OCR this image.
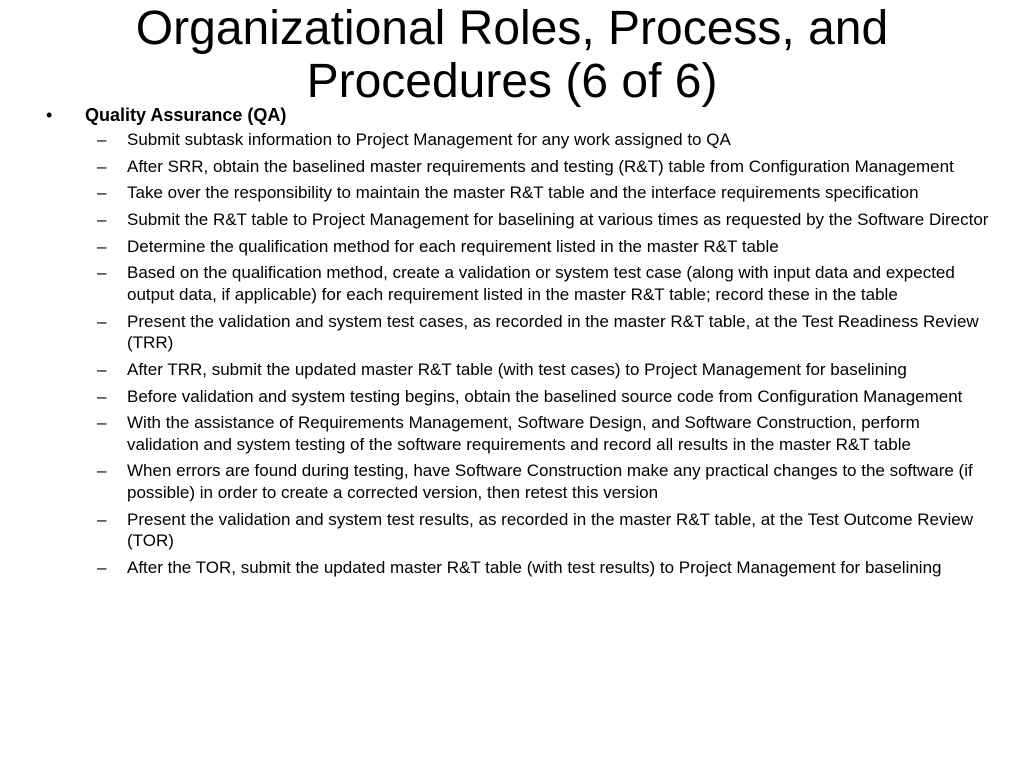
Organizational Roles, Process, and
Procedures (6 of 6)
•	Quality Assurance (QA)
–	Submit subtask information to Project Management for any work assigned to QA
–	After SRR, obtain the baselined master requirements and testing (R&T) table from Configuration Management
–	Take over the responsibility to maintain the master R&T table and the interface requirements specification
–	Submit the R&T table to Project Management for baselining at various times as requested by the Software Director
–	Determine the qualification method for each requirement listed in the master R&T table
–	Based on the qualification method, create a validation or system test case (along with input data and expected output data, if applicable) for each requirement listed in the master R&T table; record these in the table
–	Present the validation and system test cases, as recorded in the master R&T table, at the Test Readiness Review (TRR)
–	After TRR, submit the updated master R&T table (with test cases) to Project Management for baselining
–	Before validation and system testing begins, obtain the baselined source code from Configuration Management
–	With the assistance of Requirements Management, Software Design, and Software Construction, perform validation and system testing of the software requirements and record all results in the master R&T table
–	When errors are found during testing, have Software Construction make any practical changes to the software (if possible) in order to create a corrected version, then retest this version
–	Present the validation and system test results, as recorded in the master R&T table, at the Test Outcome Review (TOR)
–	After the TOR, submit the updated master R&T table (with test results) to Project Management for baselining
